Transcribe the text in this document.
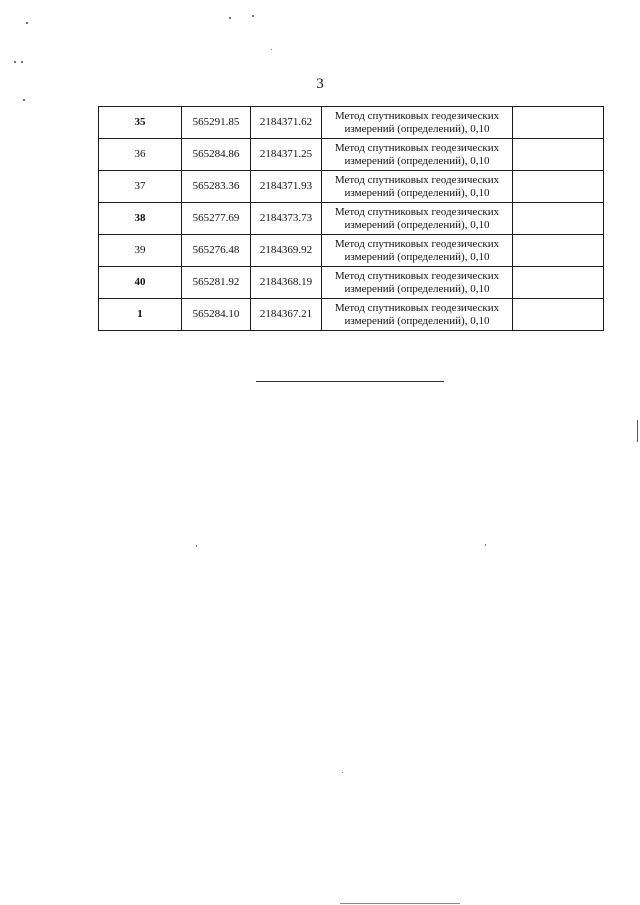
3
35	565291.85	2184371.62	Метод спутниковых геодезических
измерений (определений), 0,10	

36	565284.86	2184371.25	Метод спутниковых геодезических
измерений (определений), 0,10	

37	565283.36	2184371.93	Метод спутниковых геодезических
измерений (определений), 0,10	

38	565277.69	2184373.73	Метод спутниковых геодезических
измерений (определений), 0,10	

39	565276.48	2184369.92	Метод спутниковых геодезических
измерений (определений), 0,10	

40	565281.92	2184368.19	Метод спутниковых геодезических
измерений (определений), 0,10	

1	565284.10	2184367.21	Метод спутниковых геодезических
измерений (определений), 0,10	
